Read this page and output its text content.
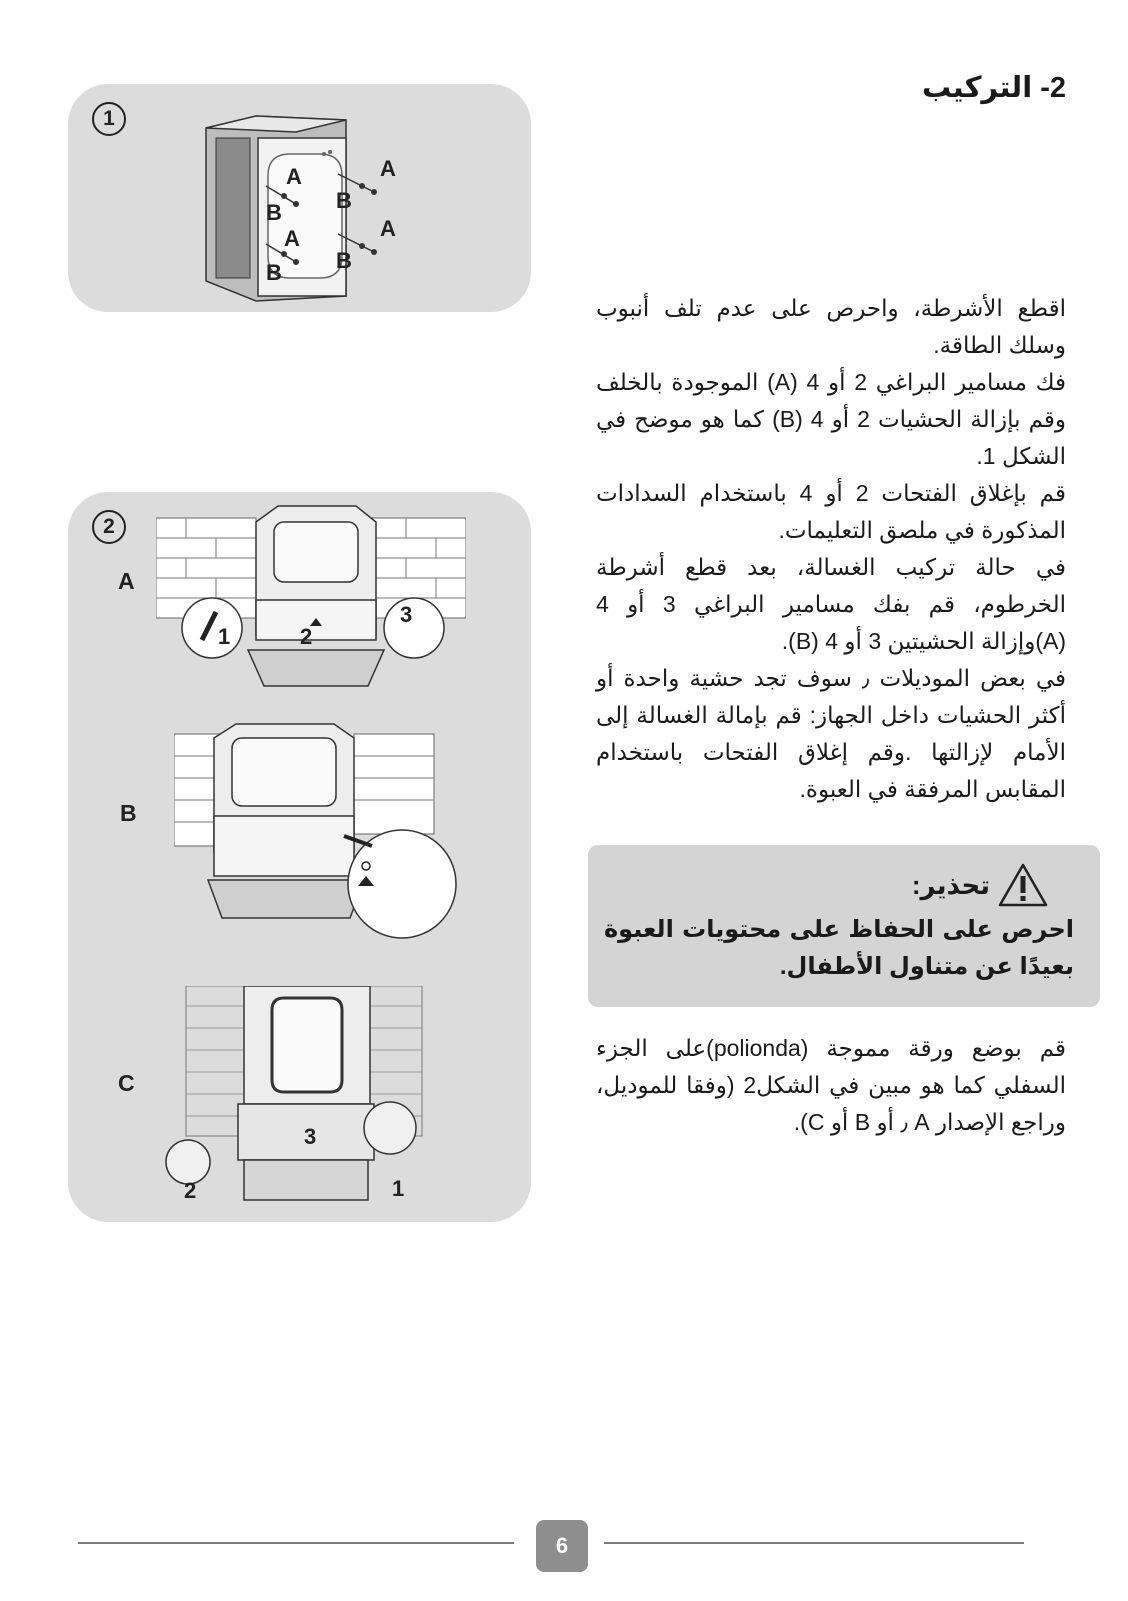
2- التركيب
1
A
B
A
B
A
B
A
B
2
A
B
C
1	2
3
3
2	1

اقطع الأشرطة، واحرص على عدم تلف أنبوب وسلك الطاقة.

فك مسامير البراغي 2 أو 4 (A) الموجودة بالخلف وقم بإزالة الحشيات 2 أو 4 (B) كما هو موضح في الشكل 1.

قم بإغلاق الفتحات 2 أو 4 باستخدام السدادات المذكورة في ملصق التعليمات.

في حالة تركيب الغسالة، بعد قطع أشرطة الخرطوم، قم بفك مسامير البراغي 3 أو 4 (A)وإزالة الحشيتين 3 أو 4 (B).

في بعض الموديلات ٫ سوف تجد حشية واحدة أو أكثر الحشيات داخل الجهاز: قم بإمالة الغسالة إلى الأمام لإزالتها .وقم إغلاق الفتحات باستخدام المقابس المرفقة في العبوة.

تحذير:
احرص على الحفاظ على محتويات العبوة بعيدًا عن متناول الأطفال.
قم بوضع ورقة مموجة (polionda)على الجزء السفلي كما هو مبين في الشكل2 (وفقا للموديل، وراجع الإصدار A ٫ أو B أو C).
6
